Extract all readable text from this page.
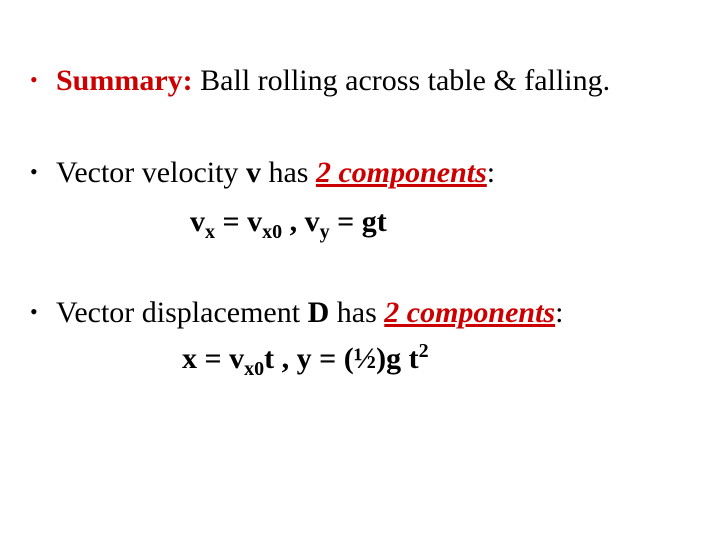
• Summary: Ball rolling across table & falling.
• Vector velocity v has 2 components:
$v_x = v_{x0}$ , $v_y$ = gt
• Vector displacement D has 2 components:
$x = v_{x0}t$ , y = (½)g $t^2$
